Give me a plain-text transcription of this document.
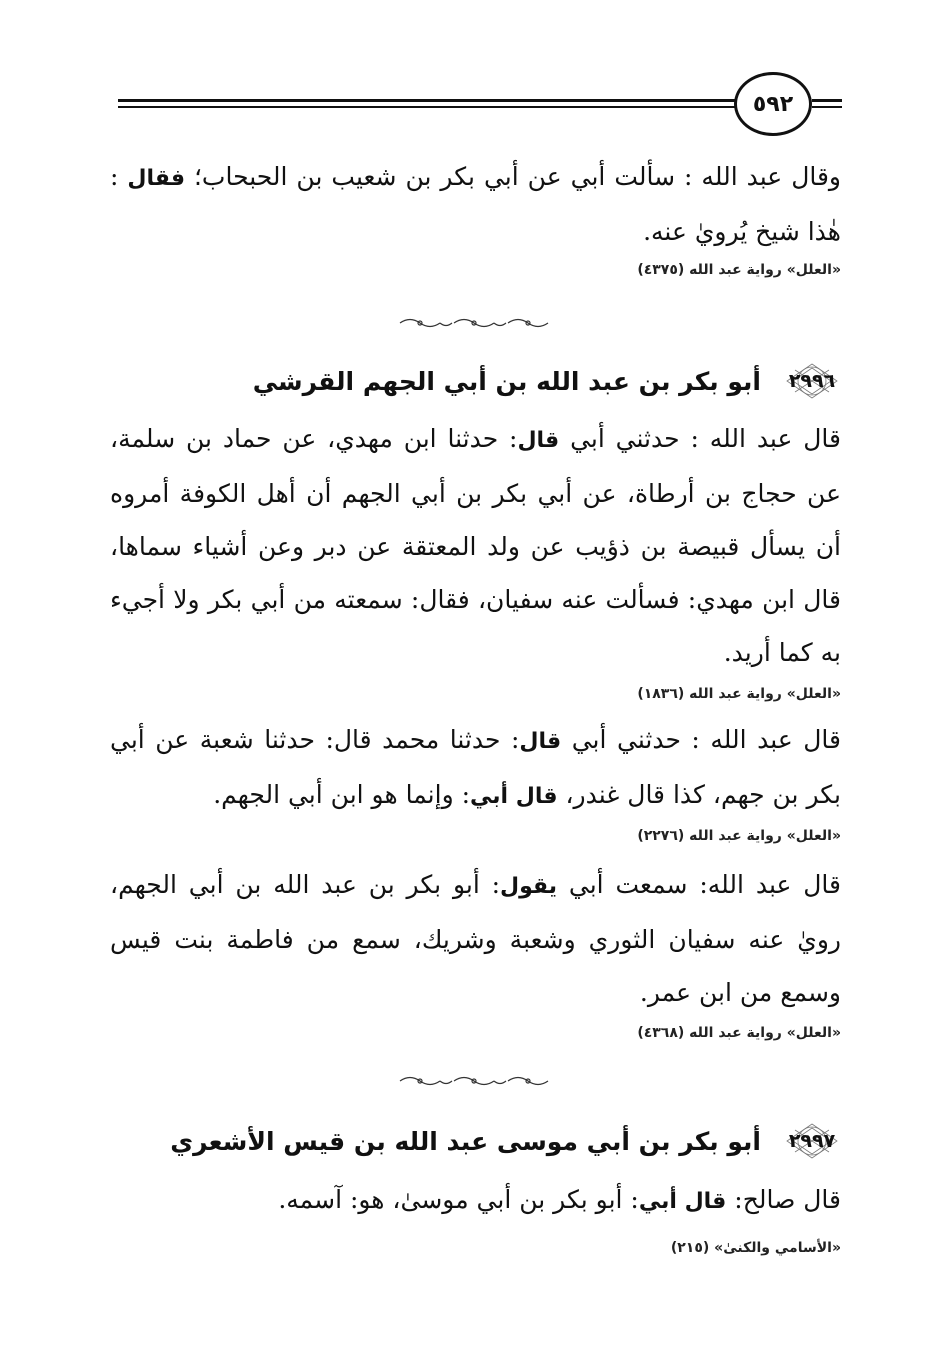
٥٩٢
وقال عبد الله : سألت أبي عن أبي بكر بن شعيب بن الحبحاب؛ فقال : هٰذا شيخ يُرويٰ عنه.
«العلل» رواية عبد الله (٤٣٧٥)
٢٩٩٦
أبو بكر بن عبد الله بن أبي الجهم القرشي
قال عبد الله : حدثني أبي قال: حدثنا ابن مهدي، عن حماد بن سلمة، عن حجاج بن أرطاة، عن أبي بكر بن أبي الجهم أن أهل الكوفة أمروه أن يسأل قبيصة بن ذؤيب عن ولد المعتقة عن دبر وعن أشياء سماها، قال ابن مهدي: فسألت عنه سفيان، فقال: سمعته من أبي بكر ولا أجيء به كما أريد.
«العلل» رواية عبد الله (١٨٣٦)
قال عبد الله : حدثني أبي قال: حدثنا محمد قال: حدثنا شعبة عن أبي بكر بن جهم، كذا قال غندر، قال أبي: وإنما هو ابن أبي الجهم.
«العلل» رواية عبد الله (٢٢٧٦)
قال عبد الله: سمعت أبي يقول: أبو بكر بن عبد الله بن أبي الجهم، رويٰ عنه سفيان الثوري وشعبة وشريك، سمع من فاطمة بنت قيس وسمع من ابن عمر.
«العلل» رواية عبد الله (٤٣٦٨)
٢٩٩٧
أبو بكر بن أبي موسى عبد الله بن قيس الأشعري
قال صالح: قال أبي: أبو بكر بن أبي موسىٰ، هو: آسمه.
«الأسامي والكنىٰ» (٢١٥)
